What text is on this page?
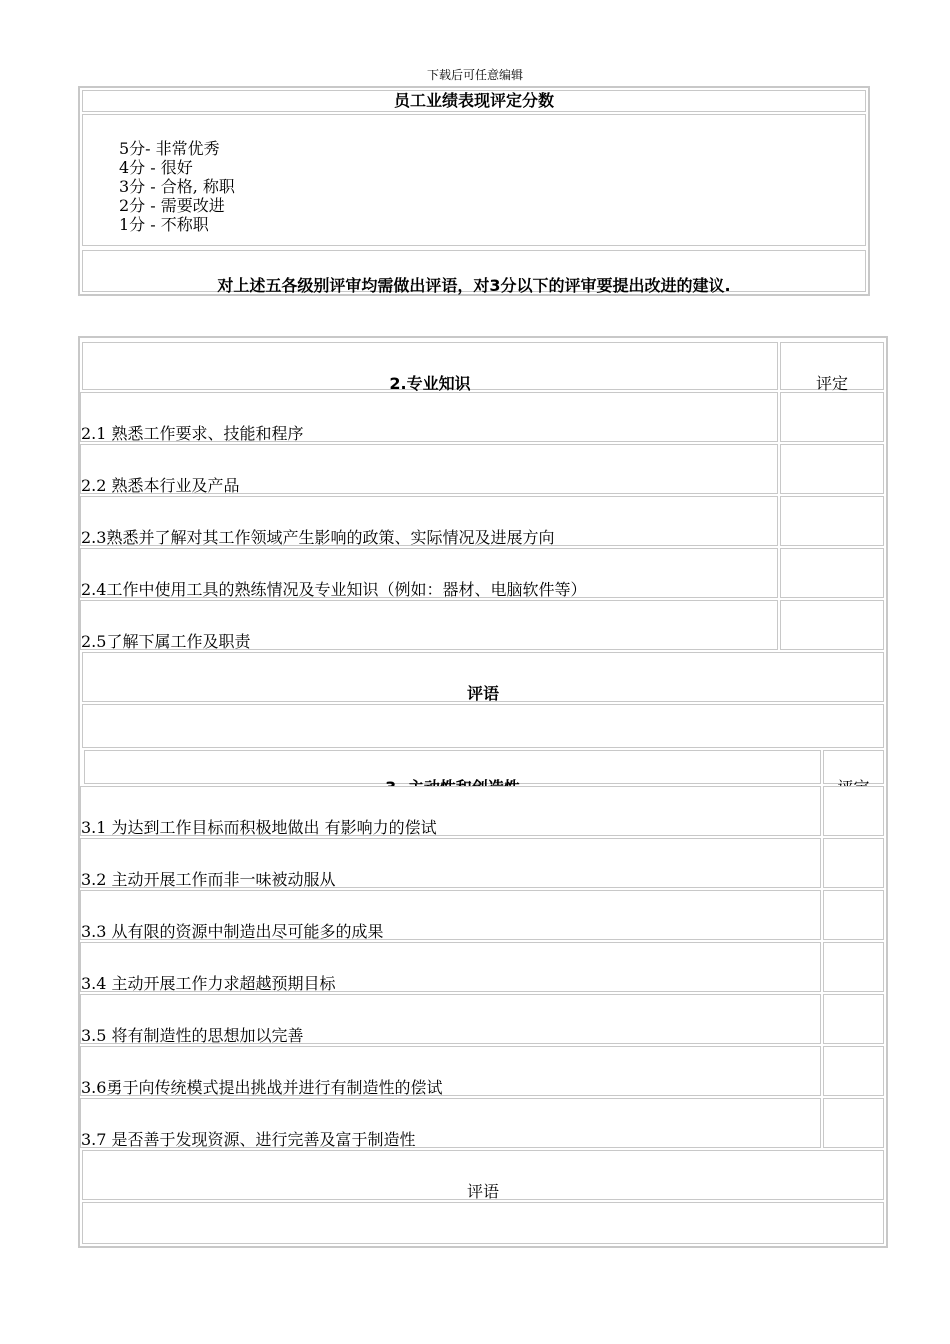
下载后可任意编辑
员工业绩表现评定分数
5分- 非常优秀
4分 - 很好
3分 - 合格, 称职
2分 - 需要改进
1分 - 不称职
对上述五各级别评审均需做出评语，对3分以下的评审要提出改进的建议.
2.专业知识	评定
2.1 熟悉工作要求、技能和程序
2.2 熟悉本行业及产品
2.3熟悉并了解对其工作领域产生影响的政策、实际情况及进展方向
2.4工作中使用工具的熟练情况及专业知识（例如：器材、电脑软件等）
2.5了解下属工作及职责
评语
3.1 为达到工作目标而积极地做出 有影响力的偿试
3.2 主动开展工作而非一味被动服从
3.3 从有限的资源中制造出尽可能多的成果
3.4 主动开展工作力求超越预期目标
3.5 将有制造性的思想加以完善
3.6勇于向传统模式提出挑战并进行有制造性的偿试
3.7 是否善于发现资源、进行完善及富于制造性
评语
